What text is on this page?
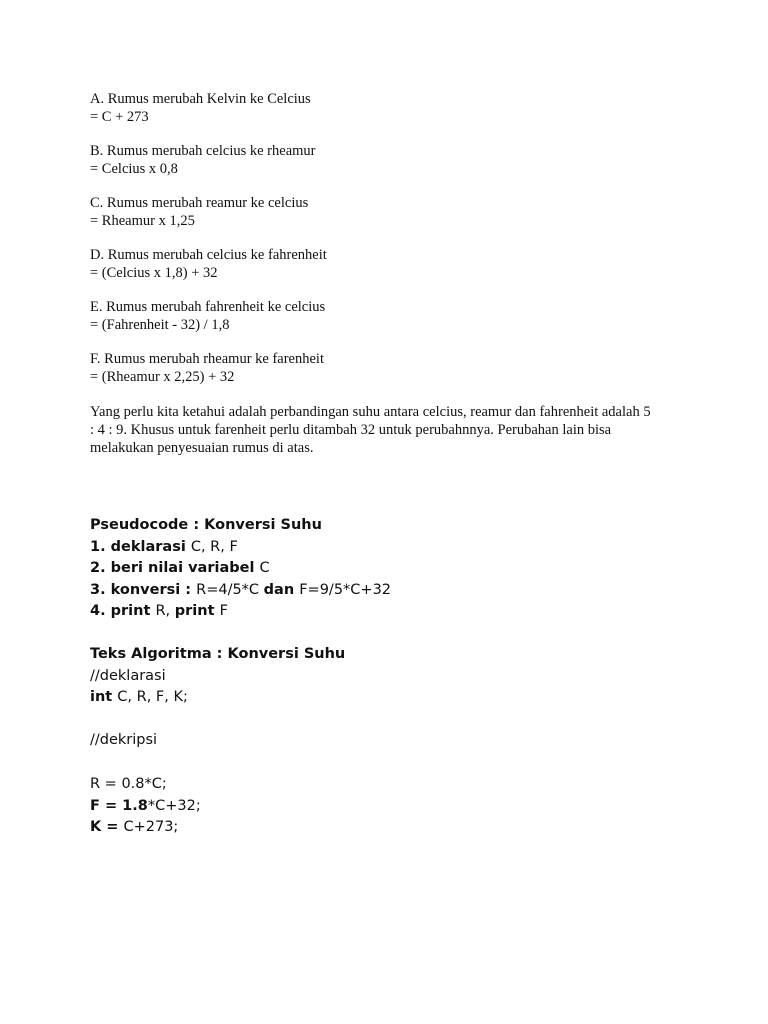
A. Rumus merubah Kelvin ke Celcius

= C + 273

B. Rumus merubah celcius ke rheamur

= Celcius x 0,8

C. Rumus merubah reamur ke celcius

= Rheamur x 1,25

D. Rumus merubah celcius ke fahrenheit

= (Celcius x 1,8) + 32

E. Rumus merubah fahrenheit ke celcius

= (Fahrenheit - 32) / 1,8

F. Rumus merubah rheamur ke farenheit

= (Rheamur x 2,25) + 32

Yang perlu kita ketahui adalah perbandingan suhu antara celcius, reamur dan fahrenheit adalah 5

: 4 : 9. Khusus untuk farenheit perlu ditambah 32 untuk perubahnnya. Perubahan lain bisa

melakukan penyesuaian rumus di atas.

Pseudocode : Konversi Suhu

1. deklarasi C, R, F

2. beri nilai variabel C

3. konversi : R=4/5*C dan F=9/5*C+32

4. print R, print F

Teks Algoritma : Konversi Suhu

//deklarasi

int C, R, F, K;

//dekripsi

R = 0.8*C;

F = 1.8*C+32;

K = C+273;
